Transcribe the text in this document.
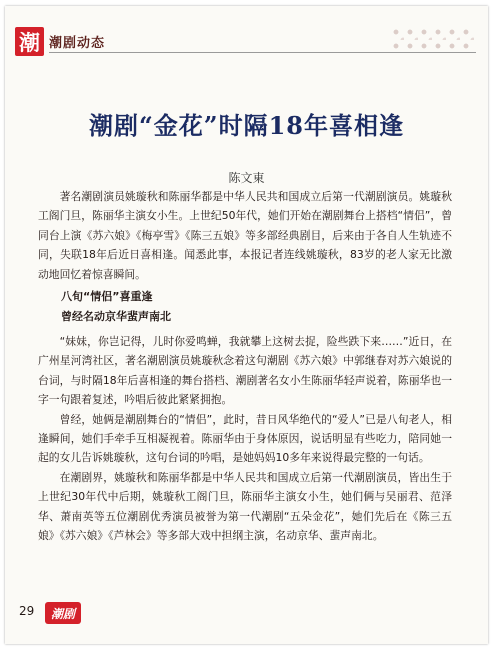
潮 潮剧动态
潮剧“金花”时隔18年喜相逢
陈文東

著名潮剧演员姚璇秋和陈丽华都是中华人民共和国成立后第一代潮剧演员。姚璇秋工阁门旦，陈丽华主演女小生。上世纪50年代，她们开始在潮剧舞台上搭档“情侣”，曾同台上演《苏六娘》《梅亭雪》《陈三五娘》等多部经典剧目，后来由于各自人生轨迹不同，失联18年后近日喜相逢。闻悉此事，本报记者连线姚璇秋，83岁的老人家无比激动地回忆着惊喜瞬间。

八旬“情侣”喜重逢
曾经名动京华蜚声南北

“妹妹，你岂记得，儿时你爱鸣蝉，我就攀上这树去捉，险些跌下来……”近日，在广州星河湾社区，著名潮剧演员姚璇秋念着这句潮剧《苏六娘》中郭继春对苏六娘说的台词，与时隔18年后喜相逢的舞台搭档、潮剧著名女小生陈丽华轻声说着，陈丽华也一字一句跟着复述，吟唱后彼此紧紧拥抱。

曾经，她俩是潮剧舞台的“情侣”，此时，昔日风华绝代的“爱人”已是八旬老人，相逢瞬间，她们手牵手互相凝视着。陈丽华由于身体原因，说话明显有些吃力，陪同她一起的女儿告诉姚璇秋，这句台词的吟唱，是她妈妈10多年来说得最完整的一句话。

在潮剧界，姚璇秋和陈丽华都是中华人民共和国成立后第一代潮剧演员，皆出生于上世纪30年代中后期，姚璇秋工阁门旦，陈丽华主演女小生，她们俩与吴丽君、范泽华、萧南英等五位潮剧优秀演员被誉为第一代潮剧“五朵金花”，她们先后在《陈三五娘》《苏六娘》《芦林会》等多部大戏中担纲主演，名动京华、蜚声南北。

29 潮剧
